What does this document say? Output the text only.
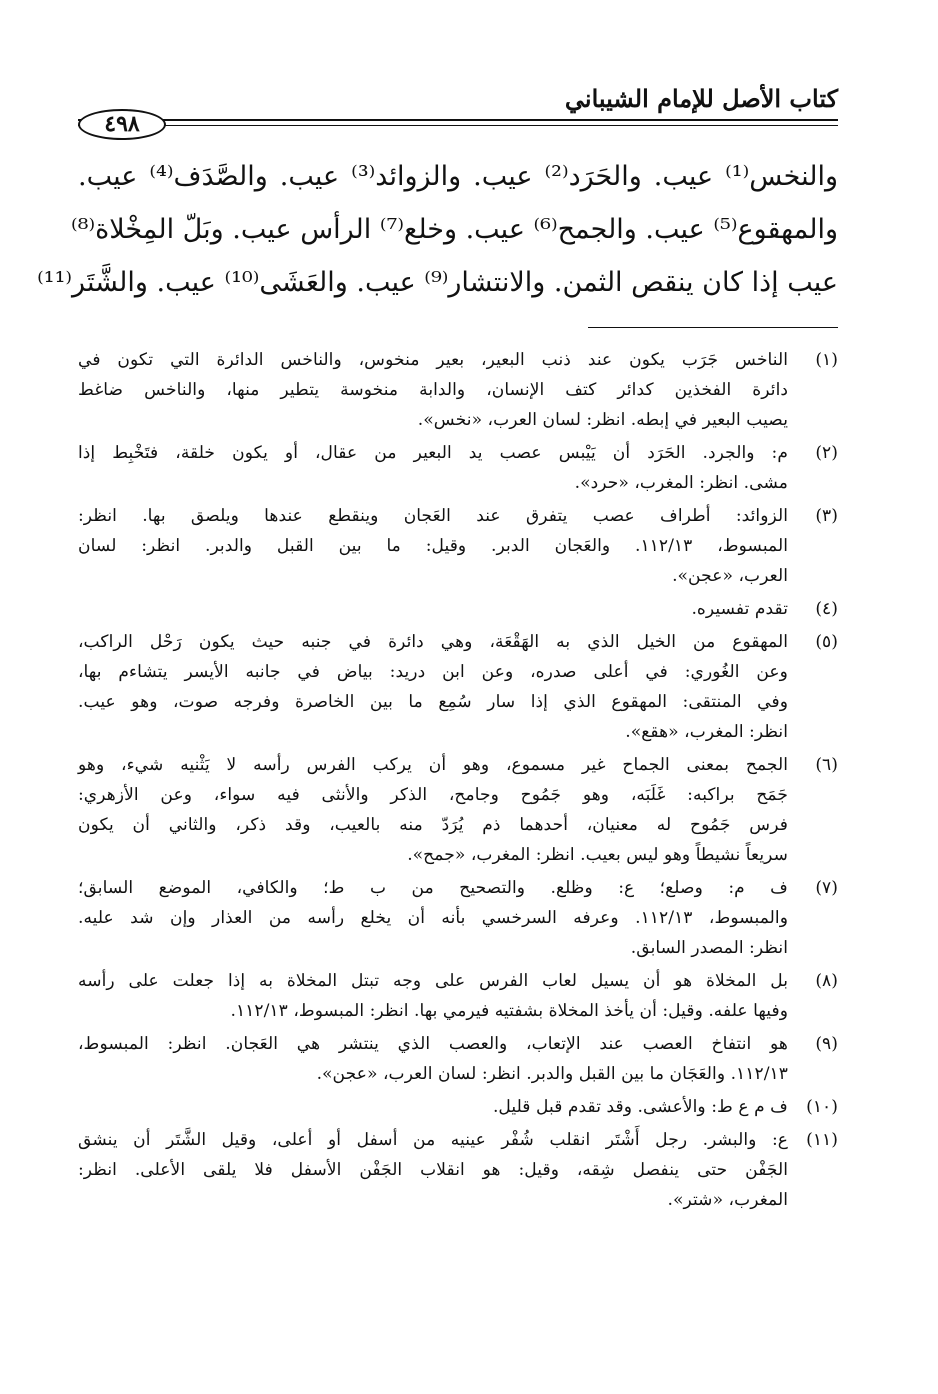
كتاب الأصل للإمام الشيباني
٤٩٨
والنخس⁽¹⁾ عيب. والحَرَد⁽²⁾ عيب. والزوائد⁽³⁾ عيب. والصَّدَف⁽⁴⁾ عيب.
والمهقوع⁽⁵⁾ عيب. والجمح⁽⁶⁾ عيب. وخلع⁽⁷⁾ الرأس عيب. وبَلّ المِخْلاة⁽⁸⁾
عيب إذا كان ينقص الثمن. والانتشار⁽⁹⁾ عيب. والعَشَى⁽¹⁰⁾ عيب. والشَّتَر⁽¹¹⁾
(١)
الناخس جَرَب يكون عند ذنب البعير، بعير منخوس، والناخس الدائرة التي تكون في
دائرة الفخذين كدائر كتف الإنسان، والدابة منخوسة يتطير منها، والناخس ضاغط
يصيب البعير في إبطه. انظر: لسان العرب، «نخس».
(٢)
م: والجرد. الحَرَد أن يَيْبس عصب يد البعير من عقال، أو يكون خلقة، فتَخْبِط إذا
مشى. انظر: المغرب، «حرد».
(٣)
الزوائد: أطراف عصب يتفرق عند العَجان وينقطع عندها ويلصق بها. انظر:
المبسوط، ١١٢/١٣. والعَجان الدبر. وقيل: ما بين القبل والدبر. انظر: لسان
العرب، «عجن».
(٤)
تقدم تفسيره.
(٥)
المهقوع من الخيل الذي به الهَقْعَة، وهي دائرة في جنبه حيث يكون رَحْل الراكب،
وعن الغُوري: في أعلى صدره، وعن ابن دريد: بياض في جانبه الأيسر يتشاءم بها،
وفي المنتقى: المهقوع الذي إذا سار سُمِع ما بين الخاصرة وفرجه صوت، وهو عيب.
انظر: المغرب، «هقع».
(٦)
الجمح بمعنى الجماح غير مسموع، وهو أن يركب الفرس رأسه لا يَثْنيه شيء، وهو
جَمَح براكبه: غَلَبَه، وهو جَمُوح وجامح، الذكر والأنثى فيه سواء، وعن الأزهري:
فرس جَمُوح له معنيان، أحدهما ذم يُرَدّ منه بالعيب، وقد ذكر، والثاني أن يكون
سريعاً نشيطاً وهو ليس بعيب. انظر: المغرب، «جمح».
(٧)
ف م: وصلع؛ ع: وظلع. والتصحيح من ب ط؛ والكافي، الموضع السابق؛
والمبسوط، ١١٢/١٣. وعرفه السرخسي بأنه أن يخلع رأسه من العذار وإن شد عليه.
انظر: المصدر السابق.
(٨)
بل المخلاة هو أن يسيل لعاب الفرس على وجه تبتل المخلاة به إذا جعلت على رأسه
وفيها علفه. وقيل: أن يأخذ المخلاة بشفتيه فيرمي بها. انظر: المبسوط، ١١٢/١٣.
(٩)
هو انتفاخ العصب عند الإتعاب، والعصب الذي ينتشر هي العَجان. انظر: المبسوط،
١١٢/١٣. والعَجَان ما بين القبل والدبر. انظر: لسان العرب، «عجن».
(١٠)
ف م ع ط: والأعشى. وقد تقدم قبل قليل.
(١١)
ع: والبشر. رجل أَشْتَر انقلب شُفْر عينيه من أسفل أو أعلى، وقيل الشَّتَر أن ينشق
الجَفْن حتى ينفصل شِقه، وقيل: هو انقلاب الجَفْن الأسفل فلا يلقى الأعلى. انظر:
المغرب، «شتر».
